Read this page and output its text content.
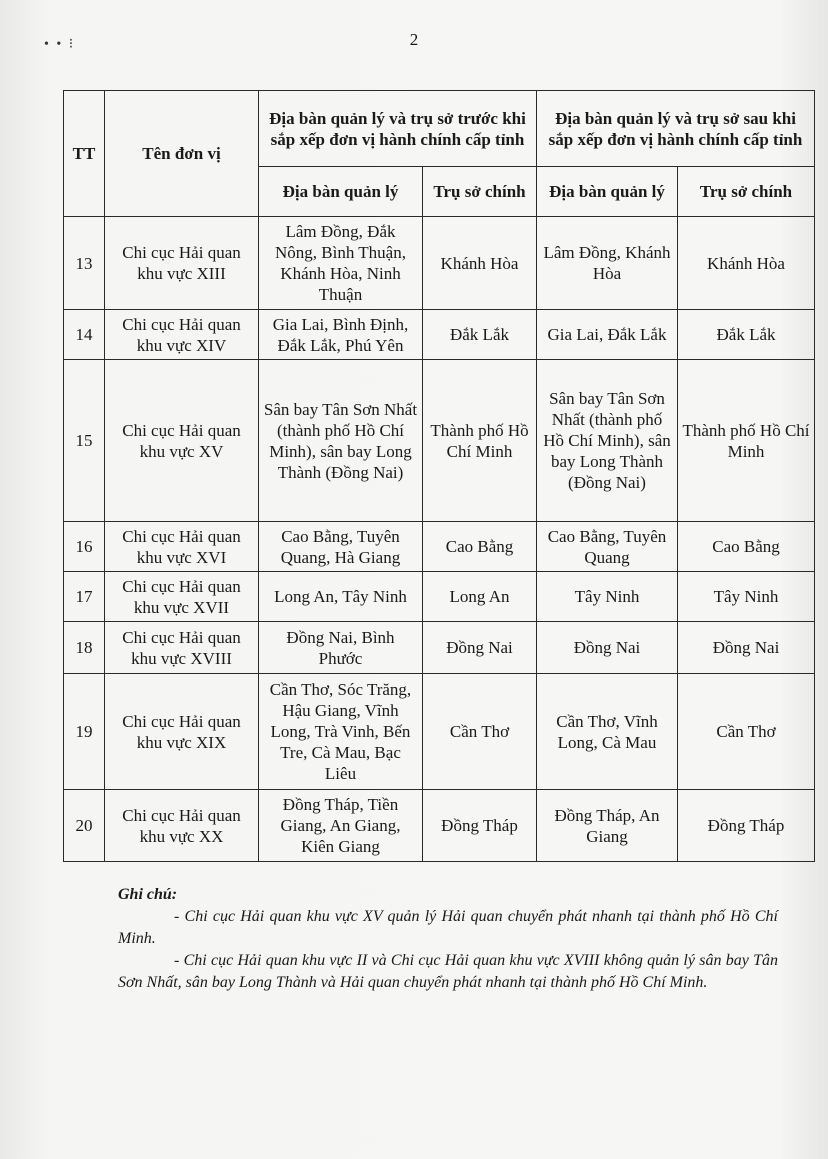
• • ⁝	2
TT	Tên đơn vị	Địa bàn quản lý và trụ sở trước khi sắp xếp đơn vị hành chính cấp tỉnh		Địa bàn quản lý và trụ sở sau khi sắp xếp đơn vị hành chính cấp tỉnh	
		Địa bàn quản lý	Trụ sở chính	Địa bàn quản lý	Trụ sở chính
13	Chi cục Hải quan khu vực XIII	Lâm Đồng, Đắk Nông, Bình Thuận, Khánh Hòa, Ninh Thuận	Khánh Hòa	Lâm Đồng, Khánh Hòa	Khánh Hòa
14	Chi cục Hải quan khu vực XIV	Gia Lai, Bình Định, Đắk Lắk, Phú Yên	Đắk Lắk	Gia Lai, Đắk Lắk	Đắk Lắk
15	Chi cục Hải quan khu vực XV	Sân bay Tân Sơn Nhất (thành phố Hồ Chí Minh), sân bay Long Thành (Đồng Nai)	Thành phố Hồ Chí Minh	Sân bay Tân Sơn Nhất (thành phố Hồ Chí Minh), sân bay Long Thành (Đồng Nai)	Thành phố Hồ Chí Minh
16	Chi cục Hải quan khu vực XVI	Cao Bằng, Tuyên Quang, Hà Giang	Cao Bằng	Cao Bằng, Tuyên Quang	Cao Bằng
17	Chi cục Hải quan khu vực XVII	Long An, Tây Ninh	Long An	Tây Ninh	Tây Ninh
18	Chi cục Hải quan khu vực XVIII	Đồng Nai, Bình Phước	Đồng Nai	Đồng Nai	Đồng Nai
19	Chi cục Hải quan khu vực XIX	Cần Thơ, Sóc Trăng, Hậu Giang, Vĩnh Long, Trà Vinh, Bến Tre, Cà Mau, Bạc Liêu	Cần Thơ	Cần Thơ, Vĩnh Long, Cà Mau	Cần Thơ
20	Chi cục Hải quan khu vực XX	Đồng Tháp, Tiền Giang, An Giang, Kiên Giang	Đồng Tháp	Đồng Tháp, An Giang	Đồng Tháp
Ghi chú:

- Chi cục Hải quan khu vực XV quản lý Hải quan chuyển phát nhanh tại thành phố Hồ Chí Minh.

- Chi cục Hải quan khu vực II và Chi cục Hải quan khu vực XVIII không quản lý sân bay Tân Sơn Nhất, sân bay Long Thành và Hải quan chuyển phát nhanh tại thành phố Hồ Chí Minh.
